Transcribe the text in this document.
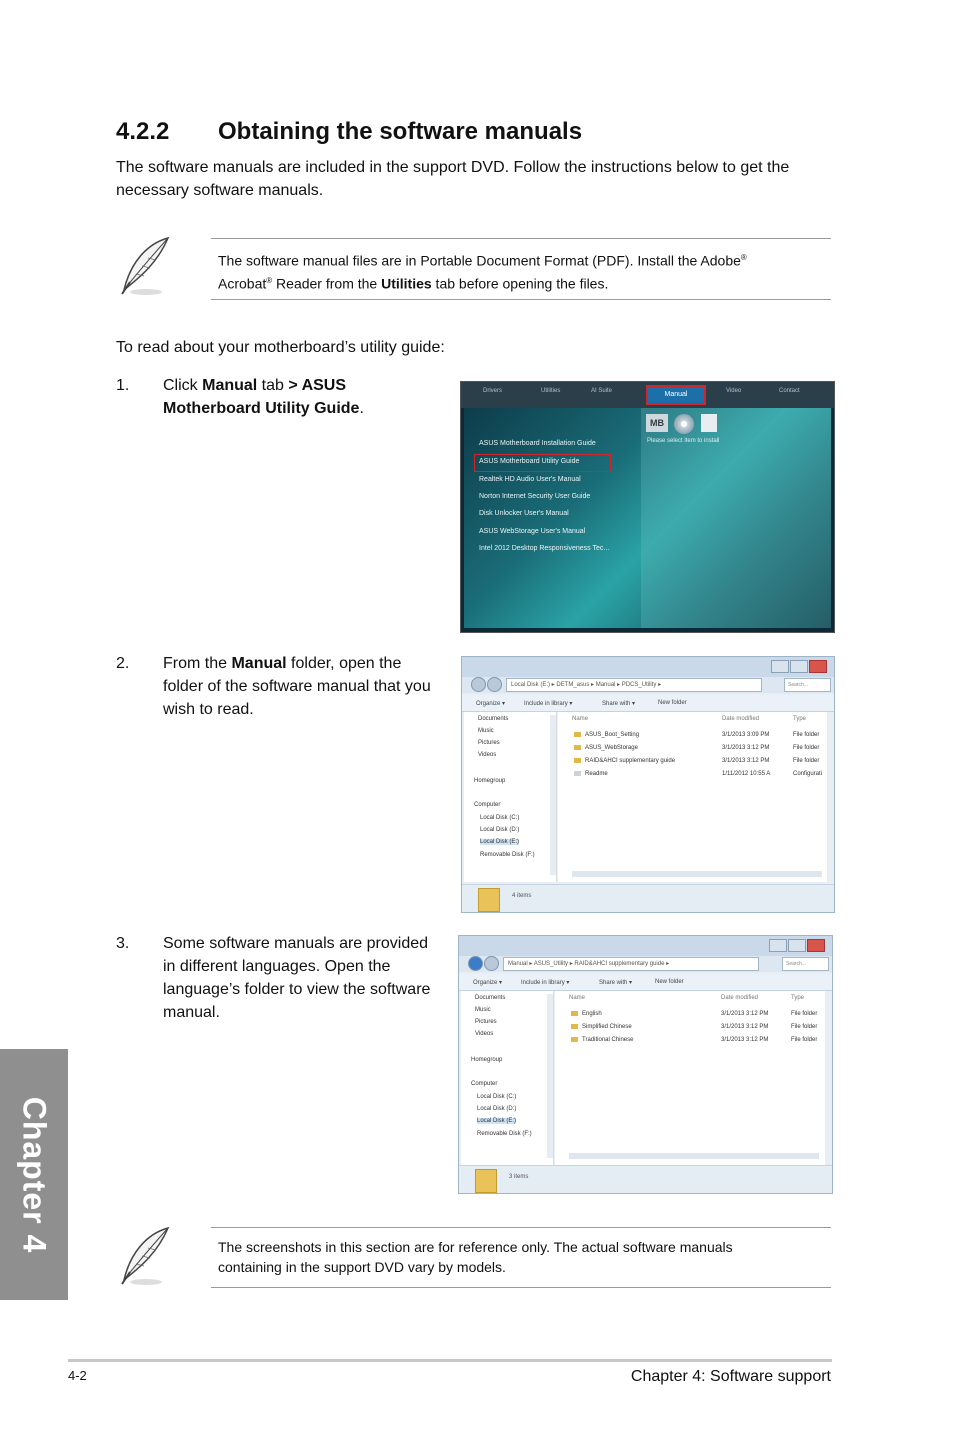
4.2.2 Obtaining the software manuals
The software manuals are included in the support DVD. Follow the instructions below to get the necessary software manuals.
The software manual files are in Portable Document Format (PDF). Install the Adobe®
Acrobat® Reader from the Utilities tab before opening the files.
To read about your motherboard’s utility guide:
1. Click Manual tab > ASUS Motherboard Utility Guide.
Drivers	Utilities	AI Suite	Manual	Video	Contact
MB
Please select item to install
ASUS Motherboard Installation Guide
ASUS Motherboard Utility Guide
Realtek HD Audio User's Manual
Norton Internet Security User Guide
Disk Unlocker User's Manual
ASUS WebStorage User's Manual
Intel 2012 Desktop Responsiveness Tec...
2. From the Manual folder, open the folder of the software manual that you wish to read.
Local Disk (E:) ▸ DETM_asus ▸ Manual ▸ PDCS_Utility ▸	Search...
Organize ▾	Include in library ▾	Share with ▾	New folder
Documents
Music
Pictures
Videos
Homegroup
Computer
Local Disk (C:)
Local Disk (D:)
Local Disk (E:)
Removable Disk (F:)
Name	Date modified	Type
ASUS_Boot_Setting	3/1/2013 3:09 PM	File folder
ASUS_WebStorage	3/1/2013 3:12 PM	File folder
RAID&AHCI supplementary guide	3/1/2013 3:12 PM	File folder
Readme	1/11/2012 10:55 A	Configurati
4 items
3. Some software manuals are provided in different languages. Open the language’s folder to view the software manual.
Manual ▸ ASUS_Utility ▸ RAID&AHCI supplementary guide ▸	Search...
Organize ▾	Include in library ▾	Share with ▾	New folder
Documents
Music
Pictures
Videos
Homegroup
Computer
Local Disk (C:)
Local Disk (D:)
Local Disk (E:)
Removable Disk (F:)
Name	Date modified	Type
English	3/1/2013 3:12 PM	File folder
Simplified Chinese	3/1/2013 3:12 PM	File folder
Traditional Chinese	3/1/2013 3:12 PM	File folder
3 items
The screenshots in this section are for reference only. The actual software manuals containing in the support DVD vary by models.
Chapter 4
4-2	Chapter 4: Software support
